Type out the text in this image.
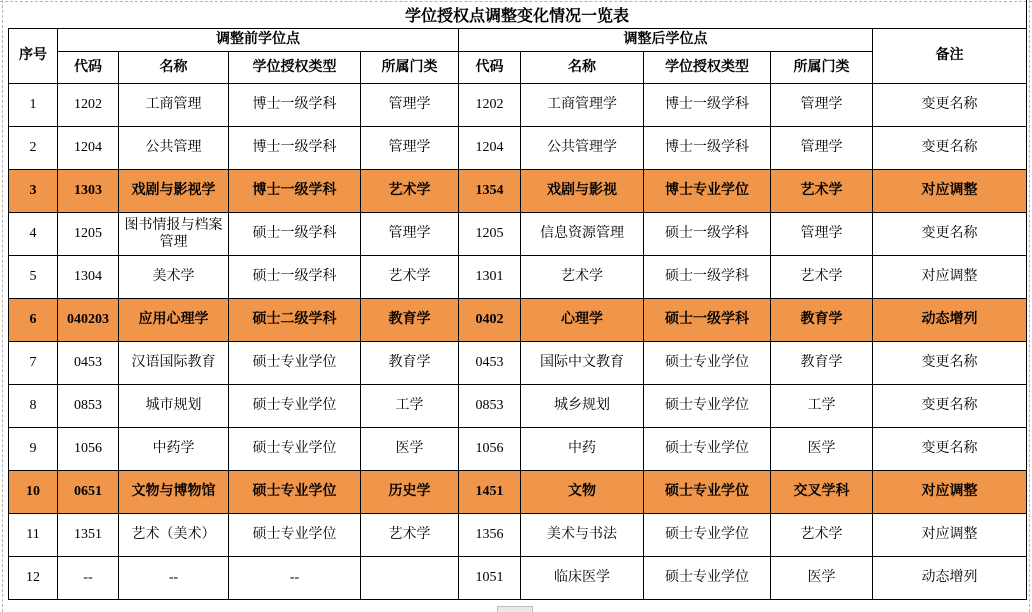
学位授权点调整变化情况一览表
序号	调整前学位点				调整后学位点				备注
	代码	名称	学位授权类型	所属门类	代码	名称	学位授权类型	所属门类	
1	1202	工商管理	博士一级学科	管理学	1202	工商管理学	博士一级学科	管理学	变更名称
2	1204	公共管理	博士一级学科	管理学	1204	公共管理学	博士一级学科	管理学	变更名称
3	1303	戏剧与影视学	博士一级学科	艺术学	1354	戏剧与影视	博士专业学位	艺术学	对应调整
4	1205	图书情报与档案管理	硕士一级学科	管理学	1205	信息资源管理	硕士一级学科	管理学	变更名称
5	1304	美术学	硕士一级学科	艺术学	1301	艺术学	硕士一级学科	艺术学	对应调整
6	040203	应用心理学	硕士二级学科	教育学	0402	心理学	硕士一级学科	教育学	动态增列
7	0453	汉语国际教育	硕士专业学位	教育学	0453	国际中文教育	硕士专业学位	教育学	变更名称
8	0853	城市规划	硕士专业学位	工学	0853	城乡规划	硕士专业学位	工学	变更名称
9	1056	中药学	硕士专业学位	医学	1056	中药	硕士专业学位	医学	变更名称
10	0651	文物与博物馆	硕士专业学位	历史学	1451	文物	硕士专业学位	交叉学科	对应调整
11	1351	艺术（美术）	硕士专业学位	艺术学	1356	美术与书法	硕士专业学位	艺术学	对应调整
12	--	--	--		1051	临床医学	硕士专业学位	医学	动态增列
